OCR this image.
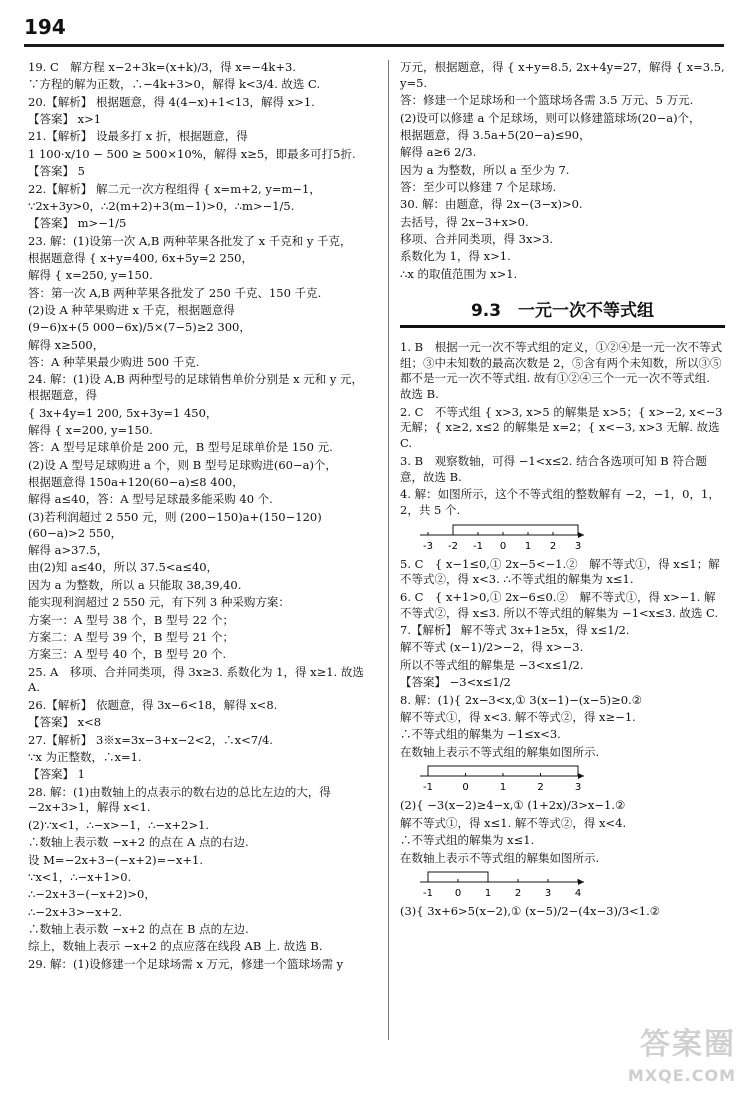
194

19. C　解方程 x−2+3k=(x+k)/3，得 x=−4k+3.

∵方程的解为正数，∴−4k+3>0，解得 k<3/4. 故选 C.

20.【解析】 根据题意，得 4(4−x)+1<13，解得 x>1.

【答案】 x>1

21.【解析】 设最多打 x 折，根据题意，得

1 100·x/10 − 500 ≥ 500×10%，解得 x≥5，即最多可打5折.

【答案】 5

22.【解析】 解二元一次方程组得 { x=m+2, y=m−1，

∵2x+3y>0，∴2(m+2)+3(m−1)>0，∴m>−1/5.

【答案】 m>−1/5

23. 解：(1)设第一次 A,B 两种苹果各批发了 x 千克和 y 千克，

根据题意得 { x+y=400, 6x+5y=2 250，

解得 { x=250, y=150.

答：第一次 A,B 两种苹果各批发了 250 千克、150 千克.

(2)设 A 种苹果购进 x 千克，根据题意得

(9−6)x+(5 000−6x)/5×(7−5)≥2 300，

解得 x≥500，

答：A 种苹果最少购进 500 千克.

24. 解：(1)设 A,B 两种型号的足球销售单价分别是 x 元和 y 元，根据题意，得

{ 3x+4y=1 200, 5x+3y=1 450，

解得 { x=200, y=150.

答：A 型号足球单价是 200 元，B 型号足球单价是 150 元.

(2)设 A 型号足球购进 a 个，则 B 型号足球购进(60−a)个，

根据题意得 150a+120(60−a)≤8 400，

解得 a≤40，答：A 型号足球最多能采购 40 个.

(3)若利润超过 2 550 元，则 (200−150)a+(150−120)(60−a)>2 550，

解得 a>37.5，

由(2)知 a≤40，所以 37.5<a≤40，

因为 a 为整数，所以 a 只能取 38,39,40.

能实现利润超过 2 550 元，有下列 3 种采购方案：

方案一：A 型号 38 个，B 型号 22 个；

方案二：A 型号 39 个，B 型号 21 个；

方案三：A 型号 40 个，B 型号 20 个.

25. A　移项、合并同类项，得 3x≥3. 系数化为 1，得 x≥1. 故选 A.

26.【解析】 依题意，得 3x−6<18，解得 x<8.

【答案】 x<8

27.【解析】 3※x=3x−3+x−2<2，∴x<7/4.

∵x 为正整数，∴x=1.

【答案】 1

28. 解：(1)由数轴上的点表示的数右边的总比左边的大，得 −2x+3>1，解得 x<1.

(2)∵x<1，∴−x>−1，∴−x+2>1.

∴数轴上表示数 −x+2 的点在 A 点的右边.

设 M=−2x+3−(−x+2)=−x+1.

∵x<1，∴−x+1>0.

∴−2x+3−(−x+2)>0，

∴−2x+3>−x+2.

∴数轴上表示数 −x+2 的点在 B 点的左边.

综上，数轴上表示 −x+2 的点应落在线段 AB 上. 故选 B.

29. 解：(1)设修建一个足球场需 x 万元，修建一个篮球场需 y

万元，根据题意，得 { x+y=8.5, 2x+4y=27，解得 { x=3.5, y=5.

答：修建一个足球场和一个篮球场各需 3.5 万元、5 万元.

(2)设可以修建 a 个足球场，则可以修建篮球场(20−a)个，

根据题意，得 3.5a+5(20−a)≤90，

解得 a≥6 2/3.

因为 a 为整数，所以 a 至少为 7.

答：至少可以修建 7 个足球场.

30. 解：由题意，得 2x−(3−x)>0.

去括号，得 2x−3+x>0.

移项、合并同类项，得 3x>3.

系数化为 1，得 x>1.

∴x 的取值范围为 x>1.

9.3　一元一次不等式组

1. B　根据一元一次不等式组的定义，①②④是一元一次不等式组；③中未知数的最高次数是 2，⑤含有两个未知数，所以③⑤都不是一元一次不等式组. 故有①②④三个一元一次不等式组. 故选 B.

2. C　不等式组 { x>3, x>5 的解集是 x>5；{ x>−2, x<−3 无解；{ x≥2, x≤2 的解集是 x=2；{ x<−3, x>3 无解. 故选 C.

3. B　观察数轴，可得 −1<x≤2. 结合各选项可知 B 符合题意，故选 B.

4. 解：如图所示，这个不等式组的整数解有 −2，−1，0，1，2，共 5 个.

-3 -2 -1 0 1 2 3

5. C　{ x−1≤0,① 2x−5<−1.②　解不等式①，得 x≤1；解不等式②，得 x<3. ∴不等式组的解集为 x≤1.

6. C　{ x+1>0,① 2x−6≤0.②　解不等式①，得 x>−1. 解不等式②，得 x≤3. 所以不等式组的解集为 −1<x≤3. 故选 C.

7.【解析】 解不等式 3x+1≥5x，得 x≤1/2.

解不等式 (x−1)/2>−2，得 x>−3.

所以不等式组的解集是 −3<x≤1/2.

【答案】 −3<x≤1/2

8. 解：(1){ 2x−3<x,① 3(x−1)−(x−5)≥0.②

解不等式①，得 x<3. 解不等式②，得 x≥−1.

∴不等式组的解集为 −1≤x<3.

在数轴上表示不等式组的解集如图所示.

-1	0	1	2	3

(2){ −3(x−2)≥4−x,① (1+2x)/3>x−1.②

解不等式①，得 x≤1. 解不等式②，得 x<4.

∴不等式组的解集为 x≤1.

在数轴上表示不等式组的解集如图所示.

-1 0 1 2 3 4

(3){ 3x+6>5(x−2),① (x−5)/2−(4x−3)/3<1.②

答案圈
MXQE.COM
